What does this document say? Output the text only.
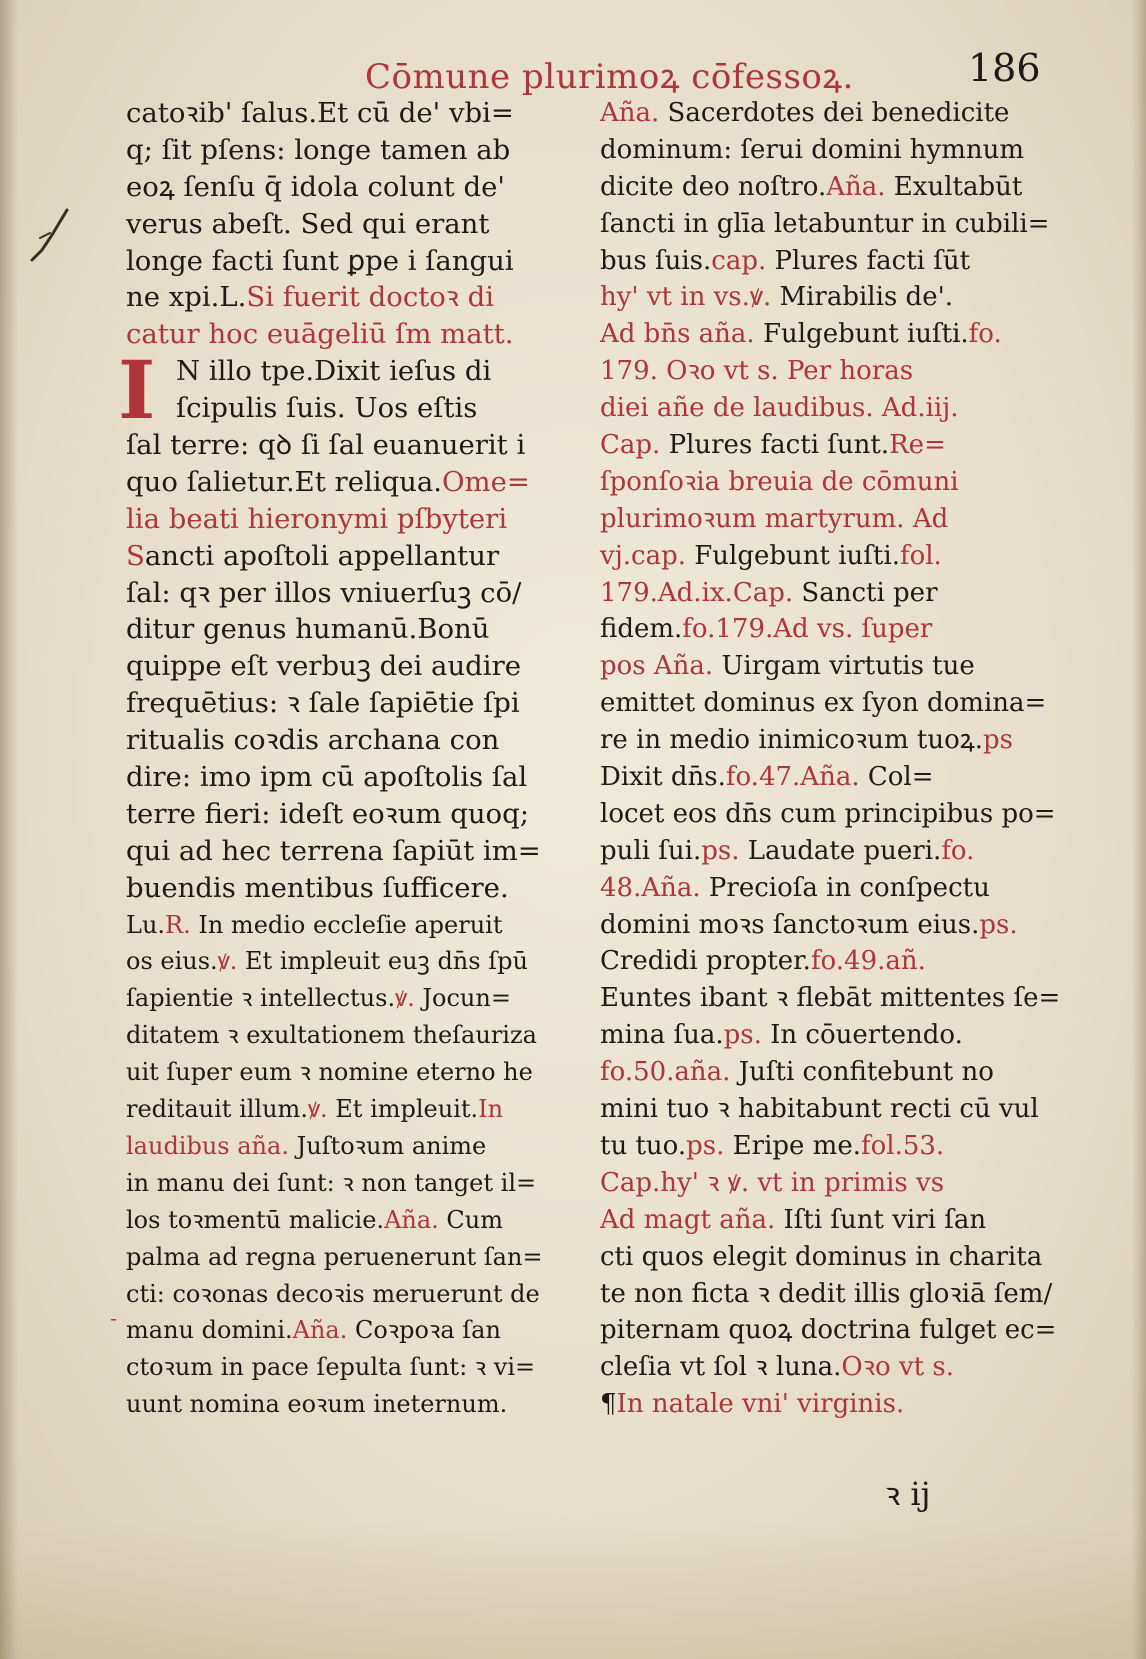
Cōmune plurimoꝝ cōfessoꝝ.	186
catoꝛib' ſalus.Et cū de' vbi=
q; ſit pſens: longe tamen ab
eoꝝ ſenſu q̄ idola colunt de'
verus abeſt. Sed qui erant
longe facti ſunt ꝑpe i ſangui
ne xpi.L.Si fuerit doctoꝛ di
catur hoc euāgeliū ſm matt.
I N illo tpe.Dixit ieſus di
ſcipulis ſuis. Uos eſtis
ſal terre: qꝺ ſi ſal euanuerit i
quo ſalietur.Et reliqua.Ome=
lia beati hieronymi pſbyteri
Sancti apoſtoli appellantur
ſal: qꝛ per illos vniuerſuꝫ cō/
ditur genus humanū.Bonū
quippe eſt verbuꝫ dei audire
frequētius: ꝛ ſale ſapiētie ſpi
ritualis coꝛdis archana con
dire: imo ipm cū apoſtolis ſal
terre fieri: ideſt eoꝛum quoq;
qui ad hec terrena ſapiūt im=
buendis mentibus ſufficere.
Lu.R. In medio eccleſie aperuit
os eius.ꝟ. Et impleuit euꝫ dn̄s ſpū
ſapientie ꝛ intellectus.ꝟ. Jocun=
ditatem ꝛ exultationem theſauriza
uit ſuper eum ꝛ nomine eterno he
reditauit illum.ꝟ. Et impleuit.In
laudibus aña. Juſtoꝛum anime
in manu dei ſunt: ꝛ non tanget il=
los toꝛmentū malicie.Aña. Cum
palma ad regna peruenerunt ſan=
cti: coꝛonas decoꝛis meruerunt de
manu domini.Aña. Coꝛpoꝛa ſan
ctoꝛum in pace ſepulta ſunt: ꝛ vi=
uunt nomina eoꝛum ineternum.
Aña. Sacerdotes dei benedicite
dominum: ſerui domini hymnum
dicite deo noſtro.Aña. Exultabūt
ſancti in glīa letabuntur in cubili=
bus ſuis.cap. Plures facti ſūt
hy' vt in vs.ꝟ. Mirabilis de'.
Ad bn̄s aña. Fulgebunt iuſti.fo.
179. Oꝛo vt s. Per horas
diei añe de laudibus. Ad.iij.
Cap. Plures facti ſunt.Re=
ſponſoꝛia breuia de cōmuni
plurimoꝛum martyrum. Ad
vj.cap. Fulgebunt iuſti.fol.
179.Ad.ix.Cap. Sancti per
fidem.fo.179.Ad vs. ſuper
pos Aña. Uirgam virtutis tue
emittet dominus ex ſyon domina=
re in medio inimicoꝛum tuoꝝ.ps
Dixit dn̄s.fo.47.Aña. Col=
locet eos dn̄s cum principibus po=
puli ſui.ps. Laudate pueri.fo.
48.Aña. Precioſa in conſpectu
domini moꝛs ſanctoꝛum eius.ps.
Credidi propter.fo.49.añ.
Euntes ibant ꝛ flebāt mittentes ſe=
mina ſua.ps. In cōuertendo.
fo.50.aña. Juſti confitebunt no
mini tuo ꝛ habitabunt recti cū vul
tu tuo.ps. Eripe me.fol.53.
Cap.hy' ꝛ ꝟ. vt in primis vs
Ad magt aña. Iſti ſunt viri ſan
cti quos elegit dominus in charita
te non ficta ꝛ dedit illis gloꝛiā ſem/
piternam quoꝝ doctrina fulget ec=
cleſia vt ſol ꝛ luna.Oꝛo vt s.
¶In natale vni' virginis.
-
ꝛ ij
